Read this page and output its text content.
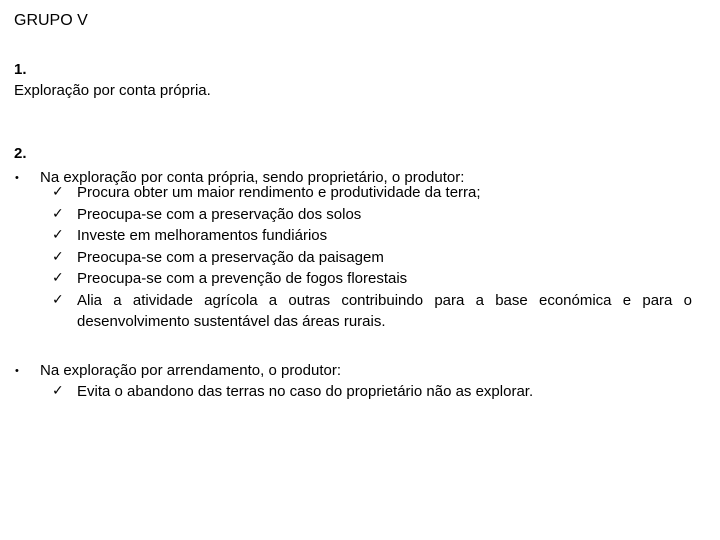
GRUPO V
1.
Exploração por conta própria.
2.
• Na exploração por conta própria, sendo proprietário, o produtor:
✓ Procura obter um maior rendimento e produtividade da terra;
✓ Preocupa-se com a preservação dos solos
✓ Investe em melhoramentos fundiários
✓ Preocupa-se com a preservação da paisagem
✓ Preocupa-se com a prevenção de fogos florestais
✓ Alia a atividade agrícola a outras contribuindo para a base económica e para o desenvolvimento sustentável das áreas rurais.
• Na exploração por arrendamento, o produtor:
✓ Evita o abandono das terras no caso do proprietário não as explorar.
